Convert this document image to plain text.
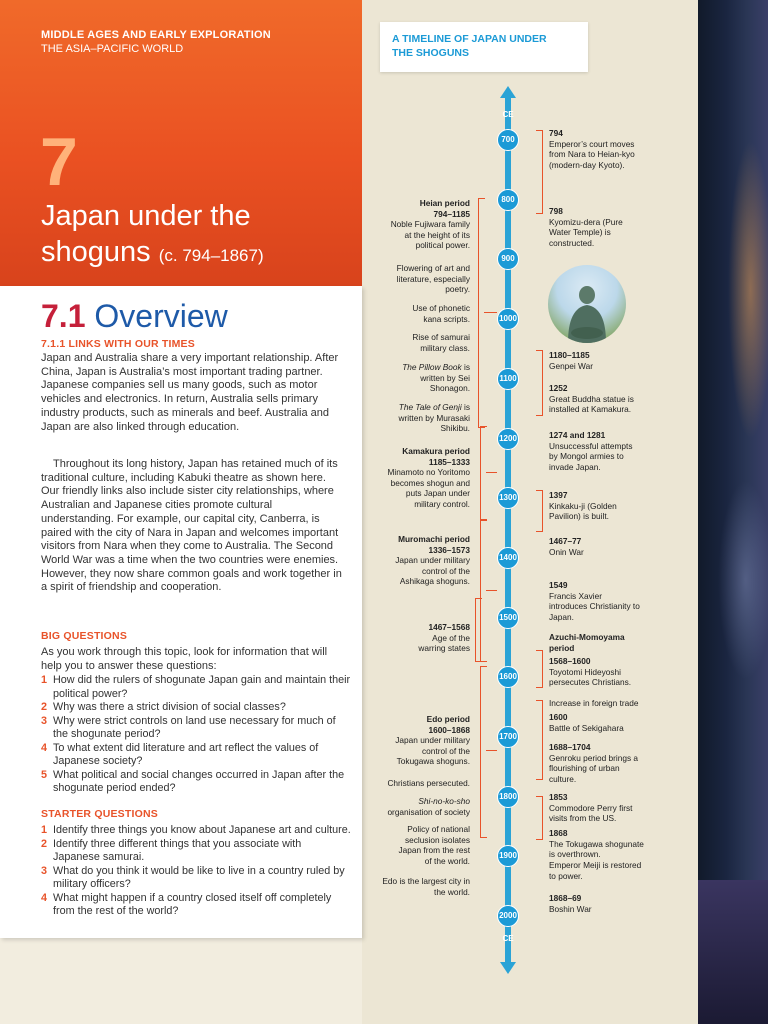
MIDDLE AGES AND EARLY EXPLORATION
THE ASIA–PACIFIC WORLD
7
Japan under the
shoguns (c. 794–1867)
7.1 Overview
7.1.1 LINKS WITH OUR TIMES
Japan and Australia share a very important relationship. After China, Japan is Australia’s most important trading partner. Japanese companies sell us many goods, such as motor vehicles and electronics. In return, Australia sells primary industry products, such as minerals and beef. Australia and Japan are also linked through education.
Throughout its long history, Japan has retained much of its traditional culture, including Kabuki theatre as shown here. Our friendly links also include sister city relationships, where Australian and Japanese cities promote cultural understanding. For example, our capital city, Canberra, is paired with the city of Nara in Japan and welcomes important visitors from Nara when they come to Australia. The Second World War was a time when the two countries were enemies. However, they now share common goals and work together in a spirit of friendship and cooperation.
BIG QUESTIONS
As you work through this topic, look for information that will help you to answer these questions:
1 How did the rulers of shogunate Japan gain and maintain their political power?
2 Why was there a strict division of social classes?
3 Why were strict controls on land use necessary for much of the shogunate period?
4 To what extent did literature and art reflect the values of Japanese society?
5 What political and social changes occurred in Japan after the shogunate period ended?
STARTER QUESTIONS
1 Identify three things you know about Japanese art and culture.
2 Identify three different things that you associate with Japanese samurai.
3 What do you think it would be like to live in a country ruled by military officers?
4 What might happen if a country closed itself off completely from the rest of the world?
A TIMELINE OF JAPAN UNDER
THE SHOGUNS
CE
CE
700
800
900
1000
1100
1200
1300
1400
1500
1600
1700
1800
1900
2000
Heian period
794–1185
Noble Fujiwara family at the height of its political power.
Flowering of art and literature, especially poetry.
Use of phonetic kana scripts.
Rise of samurai military class.
The Pillow Book is written by Sei Shonagon.
The Tale of Genji is written by Murasaki Shikibu.
Kamakura period
1185–1333
Minamoto no Yoritomo becomes shogun and puts Japan under military control.
Muromachi period
1336–1573
Japan under military control of the Ashikaga shoguns.
1467–1568
Age of the warring states
Edo period
1600–1868
Japan under military control of the Tokugawa shoguns.
Christians persecuted.
Shi-no-ko-sho
organisation of society
Policy of national seclusion isolates Japan from the rest of the world.
Edo is the largest city in the world.
794
Emperor’s court moves from Nara to Heian-kyo (modern-day Kyoto).
798
Kyomizu-dera (Pure Water Temple) is constructed.
1180–1185
Genpei War
1252
Great Buddha statue is installed at Kamakura.
1274 and 1281
Unsuccessful attempts by Mongol armies to invade Japan.
1397
Kinkaku-ji (Golden Pavilion) is built.
1467–77
Onin War
1549
Francis Xavier introduces Christianity to Japan.
Azuchi-Momoyama period
1568–1600
Toyotomi Hideyoshi persecutes Christians.
Increase in foreign trade
1600
Battle of Sekigahara
1688–1704
Genroku period brings a flourishing of urban culture.
1853
Commodore Perry first visits from the US.
1868
The Tokugawa shogunate is overthrown.
Emperor Meiji is restored to power.
1868–69
Boshin War
